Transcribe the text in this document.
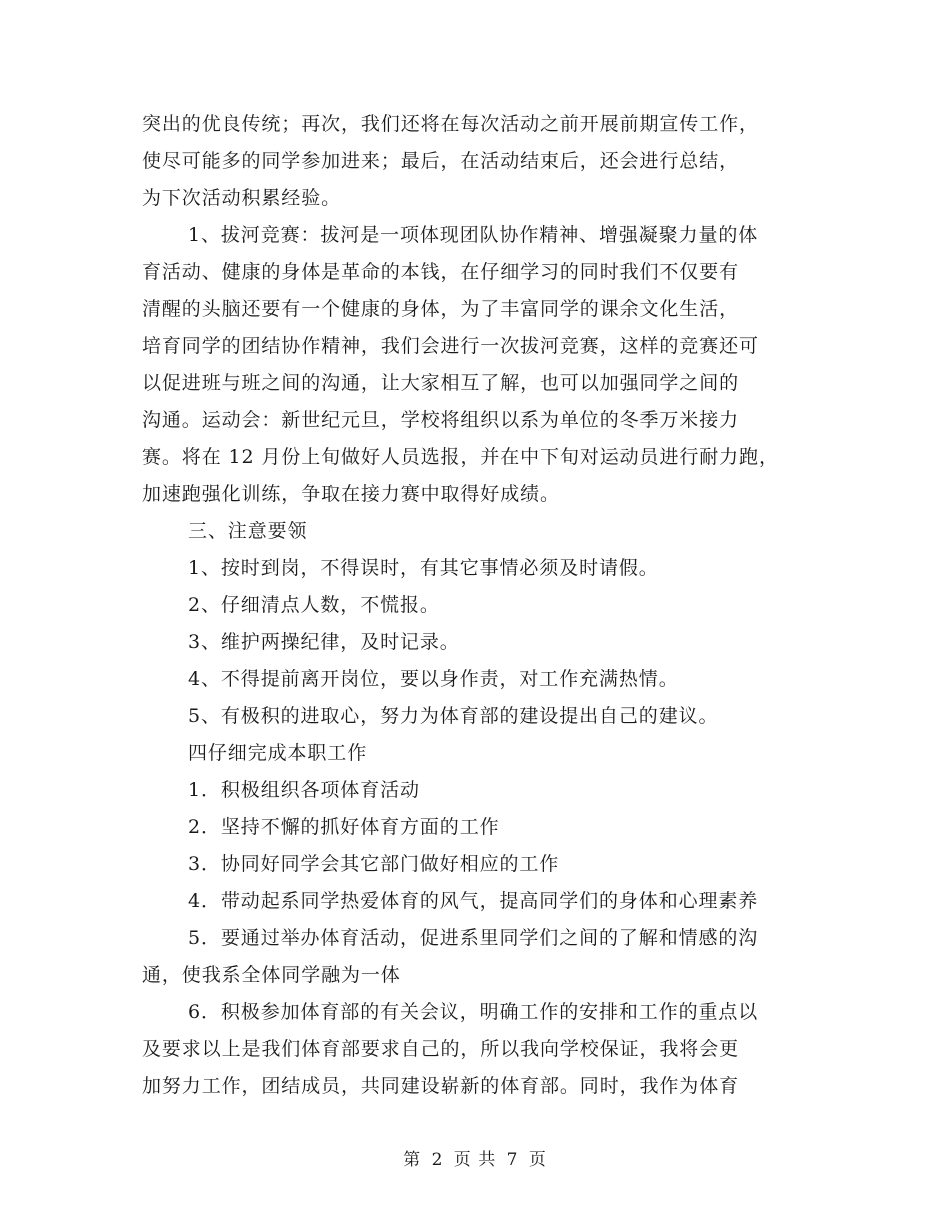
突出的优良传统；再次，我们还将在每次活动之前开展前期宣传工作，
使尽可能多的同学参加进来；最后，在活动结束后，还会进行总结，
为下次活动积累经验。
1、拔河竞赛：拔河是一项体现团队协作精神、增强凝聚力量的体
育活动、健康的身体是革命的本钱，在仔细学习的同时我们不仅要有
清醒的头脑还要有一个健康的身体，为了丰富同学的课余文化生活，
培育同学的团结协作精神，我们会进行一次拔河竞赛，这样的竞赛还可
以促进班与班之间的沟通，让大家相互了解，也可以加强同学之间的
沟通。运动会：新世纪元旦，学校将组织以系为单位的冬季万米接力
赛。将在 12 月份上旬做好人员选报，并在中下旬对运动员进行耐力跑，
加速跑强化训练，争取在接力赛中取得好成绩。
三、注意要领
1、按时到岗，不得误时，有其它事情必须及时请假。
2、仔细清点人数，不慌报。
3、维护两操纪律，及时记录。
4、不得提前离开岗位，要以身作责，对工作充满热情。
5、有极积的进取心，努力为体育部的建设提出自己的建议。
四仔细完成本职工作
1．积极组织各项体育活动
2．坚持不懈的抓好体育方面的工作
3．协同好同学会其它部门做好相应的工作
4．带动起系同学热爱体育的风气，提高同学们的身体和心理素养
5．要通过举办体育活动，促进系里同学们之间的了解和情感的沟
通，使我系全体同学融为一体
6．积极参加体育部的有关会议，明确工作的安排和工作的重点以
及要求以上是我们体育部要求自己的，所以我向学校保证，我将会更
加努力工作，团结成员，共同建设崭新的体育部。同时，我作为体育
第 2 页 共 7 页
